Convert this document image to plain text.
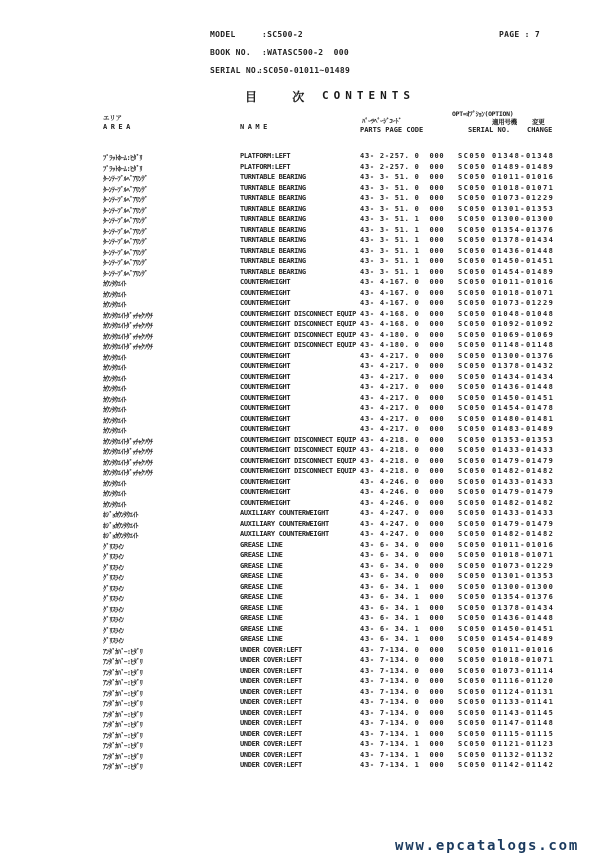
MODEL	:SC500-2	PAGE : 7
BOOK NO. :WATASC500-2  000
SERIAL NO.
:SC050-01011~01489
目 次 CONTENTS
エリア
AREA	NAME
ﾊﾟｰﾂﾍﾟｰｼﾞｺｰﾄﾞ
PARTS PAGE CODE
OPT=ｵﾌﾟｼｮﾝ(OPTION)
適用号機
SERIAL NO.
変更
CHANGE
ﾌﾟﾗｯﾄﾎｰﾑ:ﾋﾀﾞﾘ	PLATFORM:LEFT	43- 2-257. 0  000 SC050 01348-01348
ﾌﾟﾗｯﾄﾎｰﾑ:ﾋﾀﾞﾘ	PLATFORM:LEFT	43- 2-257. 0  000 SC050 01489-01489
ﾀｰﾝﾃｰﾌﾞﾙﾍﾞｱﾘﾝｸﾞ	TURNTABLE BEARING	43- 3- 51. 0  000 SC050 01011-01016
ﾀｰﾝﾃｰﾌﾞﾙﾍﾞｱﾘﾝｸﾞ	TURNTABLE BEARING	43- 3- 51. 0  000 SC050 01018-01071
ﾀｰﾝﾃｰﾌﾞﾙﾍﾞｱﾘﾝｸﾞ	TURNTABLE BEARING	43- 3- 51. 0  000 SC050 01073-01229
ﾀｰﾝﾃｰﾌﾞﾙﾍﾞｱﾘﾝｸﾞ	TURNTABLE BEARING	43- 3- 51. 0  000 SC050 01301-01353
ﾀｰﾝﾃｰﾌﾞﾙﾍﾞｱﾘﾝｸﾞ	TURNTABLE BEARING	43- 3- 51. 1  000 SC050 01300-01300
ﾀｰﾝﾃｰﾌﾞﾙﾍﾞｱﾘﾝｸﾞ	TURNTABLE BEARING	43- 3- 51. 1  000 SC050 01354-01376
ﾀｰﾝﾃｰﾌﾞﾙﾍﾞｱﾘﾝｸﾞ	TURNTABLE BEARING	43- 3- 51. 1  000 SC050 01378-01434
ﾀｰﾝﾃｰﾌﾞﾙﾍﾞｱﾘﾝｸﾞ	TURNTABLE BEARING	43- 3- 51. 1  000 SC050 01436-01448
ﾀｰﾝﾃｰﾌﾞﾙﾍﾞｱﾘﾝｸﾞ	TURNTABLE BEARING	43- 3- 51. 1  000 SC050 01450-01451
ﾀｰﾝﾃｰﾌﾞﾙﾍﾞｱﾘﾝｸﾞ	TURNTABLE BEARING	43- 3- 51. 1  000 SC050 01454-01489
ｶｳﾝﾀｳｴｲﾄ	COUNTERWEIGHT	43- 4-167. 0  000 SC050 01011-01016
ｶｳﾝﾀｳｴｲﾄ	COUNTERWEIGHT	43- 4-167. 0  000 SC050 01018-01071
ｶｳﾝﾀｳｴｲﾄ	COUNTERWEIGHT	43- 4-167. 0  000 SC050 01073-01229
ｶｳﾝﾀｳｴｲﾄﾀﾞｯﾁｬｸｿｳﾁ	COUNTERWEIGHT DISCONNECT EQUIP 43- 4-168. 0  000 SC050 01048-01048
ｶｳﾝﾀｳｴｲﾄﾀﾞｯﾁｬｸｿｳﾁ	COUNTERWEIGHT DISCONNECT EQUIP 43- 4-168. 0  000 SC050 01092-01092
ｶｳﾝﾀｳｴｲﾄﾀﾞｯﾁｬｸｿｳﾁ	COUNTERWEIGHT DISCONNECT EQUIP 43- 4-180. 0  000 SC050 01069-01069
ｶｳﾝﾀｳｴｲﾄﾀﾞｯﾁｬｸｿｳﾁ	COUNTERWEIGHT DISCONNECT EQUIP 43- 4-180. 0  000 SC050 01148-01148
ｶｳﾝﾀｳｴｲﾄ	COUNTERWEIGHT	43- 4-217. 0  000 SC050 01300-01376
ｶｳﾝﾀｳｴｲﾄ	COUNTERWEIGHT	43- 4-217. 0  000 SC050 01378-01432
ｶｳﾝﾀｳｴｲﾄ	COUNTERWEIGHT	43- 4-217. 0  000 SC050 01434-01434
ｶｳﾝﾀｳｴｲﾄ	COUNTERWEIGHT	43- 4-217. 0  000 SC050 01436-01448
ｶｳﾝﾀｳｴｲﾄ	COUNTERWEIGHT	43- 4-217. 0  000 SC050 01450-01451
ｶｳﾝﾀｳｴｲﾄ	COUNTERWEIGHT	43- 4-217. 0  000 SC050 01454-01478
ｶｳﾝﾀｳｴｲﾄ	COUNTERWEIGHT	43- 4-217. 0  000 SC050 01480-01481
ｶｳﾝﾀｳｴｲﾄ	COUNTERWEIGHT	43- 4-217. 0  000 SC050 01483-01489
ｶｳﾝﾀｳｴｲﾄﾀﾞｯﾁｬｸｿｳﾁ	COUNTERWEIGHT DISCONNECT EQUIP 43- 4-218. 0  000 SC050 01353-01353
ｶｳﾝﾀｳｴｲﾄﾀﾞｯﾁｬｸｿｳﾁ	COUNTERWEIGHT DISCONNECT EQUIP 43- 4-218. 0  000 SC050 01433-01433
ｶｳﾝﾀｳｴｲﾄﾀﾞｯﾁｬｸｿｳﾁ	COUNTERWEIGHT DISCONNECT EQUIP 43- 4-218. 0  000 SC050 01479-01479
ｶｳﾝﾀｳｴｲﾄﾀﾞｯﾁｬｸｿｳﾁ	COUNTERWEIGHT DISCONNECT EQUIP 43- 4-218. 0  000 SC050 01482-01482
ｶｳﾝﾀｳｴｲﾄ	COUNTERWEIGHT	43- 4-246. 0  000 SC050 01433-01433
ｶｳﾝﾀｳｴｲﾄ	COUNTERWEIGHT	43- 4-246. 0  000 SC050 01479-01479
ｶｳﾝﾀｳｴｲﾄ	COUNTERWEIGHT	43- 4-246. 0  000 SC050 01482-01482
ﾎｼﾞｮｶｳﾝﾀｳｴｲﾄ	AUXILIARY COUNTERWEIGHT	43- 4-247. 0  000 SC050 01433-01433
ﾎｼﾞｮｶｳﾝﾀｳｴｲﾄ	AUXILIARY COUNTERWEIGHT	43- 4-247. 0  000 SC050 01479-01479
ﾎｼﾞｮｶｳﾝﾀｳｴｲﾄ	AUXILIARY COUNTERWEIGHT	43- 4-247. 0  000 SC050 01482-01482
ｸﾞﾘｽﾗｲﾝ	GREASE LINE	43- 6- 34. 0  000 SC050 01011-01016
ｸﾞﾘｽﾗｲﾝ	GREASE LINE	43- 6- 34. 0  000 SC050 01018-01071
ｸﾞﾘｽﾗｲﾝ	GREASE LINE	43- 6- 34. 0  000 SC050 01073-01229
ｸﾞﾘｽﾗｲﾝ	GREASE LINE	43- 6- 34. 0  000 SC050 01301-01353
ｸﾞﾘｽﾗｲﾝ	GREASE LINE	43- 6- 34. 1  000 SC050 01300-01300
ｸﾞﾘｽﾗｲﾝ	GREASE LINE	43- 6- 34. 1  000 SC050 01354-01376
ｸﾞﾘｽﾗｲﾝ	GREASE LINE	43- 6- 34. 1  000 SC050 01378-01434
ｸﾞﾘｽﾗｲﾝ	GREASE LINE	43- 6- 34. 1  000 SC050 01436-01448
ｸﾞﾘｽﾗｲﾝ	GREASE LINE	43- 6- 34. 1  000 SC050 01450-01451
ｸﾞﾘｽﾗｲﾝ	GREASE LINE	43- 6- 34. 1  000 SC050 01454-01489
ｱﾝﾀﾞｶﾊﾞｰ:ﾋﾀﾞﾘ	UNDER COVER:LEFT	43- 7-134. 0  000 SC050 01011-01016
ｱﾝﾀﾞｶﾊﾞｰ:ﾋﾀﾞﾘ	UNDER COVER:LEFT	43- 7-134. 0  000 SC050 01018-01071
ｱﾝﾀﾞｶﾊﾞｰ:ﾋﾀﾞﾘ	UNDER COVER:LEFT	43- 7-134. 0  000 SC050 01073-01114
ｱﾝﾀﾞｶﾊﾞｰ:ﾋﾀﾞﾘ	UNDER COVER:LEFT	43- 7-134. 0  000 SC050 01116-01120
ｱﾝﾀﾞｶﾊﾞｰ:ﾋﾀﾞﾘ	UNDER COVER:LEFT	43- 7-134. 0  000 SC050 01124-01131
ｱﾝﾀﾞｶﾊﾞｰ:ﾋﾀﾞﾘ	UNDER COVER:LEFT	43- 7-134. 0  000 SC050 01133-01141
ｱﾝﾀﾞｶﾊﾞｰ:ﾋﾀﾞﾘ	UNDER COVER:LEFT	43- 7-134. 0  000 SC050 01143-01145
ｱﾝﾀﾞｶﾊﾞｰ:ﾋﾀﾞﾘ	UNDER COVER:LEFT	43- 7-134. 0  000 SC050 01147-01148
ｱﾝﾀﾞｶﾊﾞｰ:ﾋﾀﾞﾘ	UNDER COVER:LEFT	43- 7-134. 1  000 SC050 01115-01115
ｱﾝﾀﾞｶﾊﾞｰ:ﾋﾀﾞﾘ	UNDER COVER:LEFT	43- 7-134. 1  000 SC050 01121-01123
ｱﾝﾀﾞｶﾊﾞｰ:ﾋﾀﾞﾘ	UNDER COVER:LEFT	43- 7-134. 1  000 SC050 01132-01132
ｱﾝﾀﾞｶﾊﾞｰ:ﾋﾀﾞﾘ	UNDER COVER:LEFT	43- 7-134. 1  000 SC050 01142-01142
www.epcatalogs.com
